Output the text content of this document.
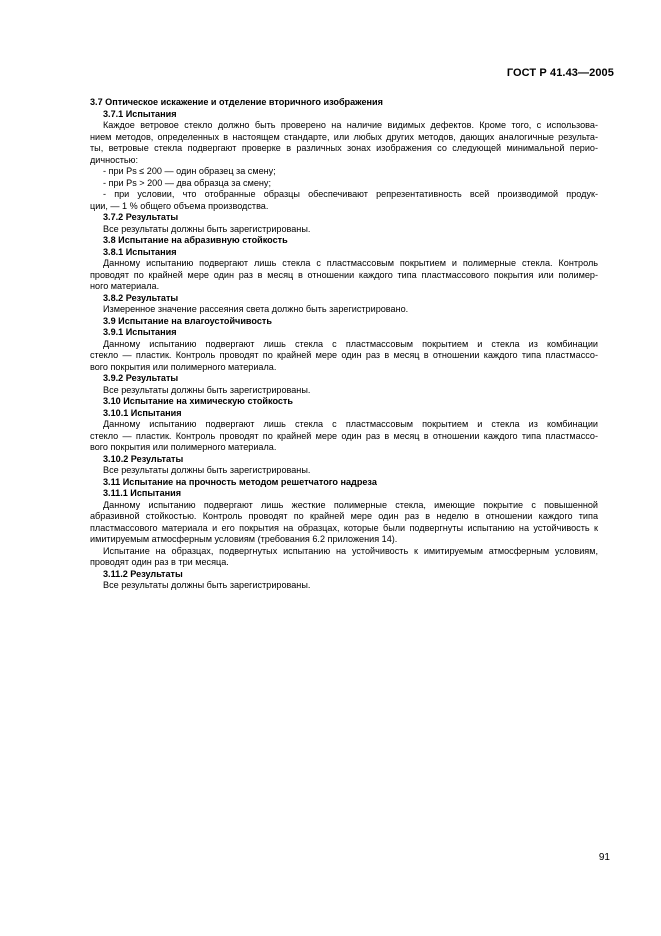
ГОСТ Р 41.43—2005
3.7 Оптическое искажение и отделение вторичного изображения
3.7.1 Испытания
Каждое ветровое стекло должно быть проверено на наличие видимых дефектов. Кроме того, с использова-
нием методов, определенных в настоящем стандарте, или любых других методов, дающих аналогичные результа-
ты, ветровые стекла подвергают проверке в различных зонах изображения со следующей минимальной перио-
дичностью:
- при Ps ≤ 200 — один образец за смену;
- при Ps > 200 — два образца за смену;
- при условии, что отобранные образцы обеспечивают репрезентативность всей производимой продук-
ции, — 1 % общего объема производства.
3.7.2 Результаты
Все результаты должны быть зарегистрированы.
3.8 Испытание на абразивную стойкость
3.8.1 Испытания
Данному испытанию подвергают лишь стекла с пластмассовым покрытием и полимерные стекла. Контроль
проводят по крайней мере один раз в месяц в отношении каждого типа пластмассового покрытия или полимер-
ного материала.
3.8.2 Результаты
Измеренное значение рассеяния света должно быть зарегистрировано.
3.9 Испытание на влагоустойчивость
3.9.1 Испытания
Данному испытанию подвергают лишь стекла с пластмассовым покрытием и стекла из комбинации
стекло — пластик. Контроль проводят по крайней мере один раз в месяц в отношении каждого типа пластмассо-
вого покрытия или полимерного материала.
3.9.2 Результаты
Все результаты должны быть зарегистрированы.
3.10 Испытание на химическую стойкость
3.10.1 Испытания
Данному испытанию подвергают лишь стекла с пластмассовым покрытием и стекла из комбинации
стекло — пластик. Контроль проводят по крайней мере один раз в месяц в отношении каждого типа пластмассо-
вого покрытия или полимерного материала.
3.10.2 Результаты
Все результаты должны быть зарегистрированы.
3.11 Испытание на прочность методом решетчатого надреза
3.11.1 Испытания
Данному испытанию подвергают лишь жесткие полимерные стекла, имеющие покрытие с повышенной
абразивной стойкостью. Контроль проводят по крайней мере один раз в неделю в отношении каждого типа
пластмассового материала и его покрытия на образцах, которые были подвергнуты испытанию на устойчивость к
имитируемым атмосферным условиям (требования 6.2 приложения 14).
Испытание на образцах, подвергнутых испытанию на устойчивость к имитируемым атмосферным условиям,
проводят один раз в три месяца.
3.11.2 Результаты
Все результаты должны быть зарегистрированы.
91
